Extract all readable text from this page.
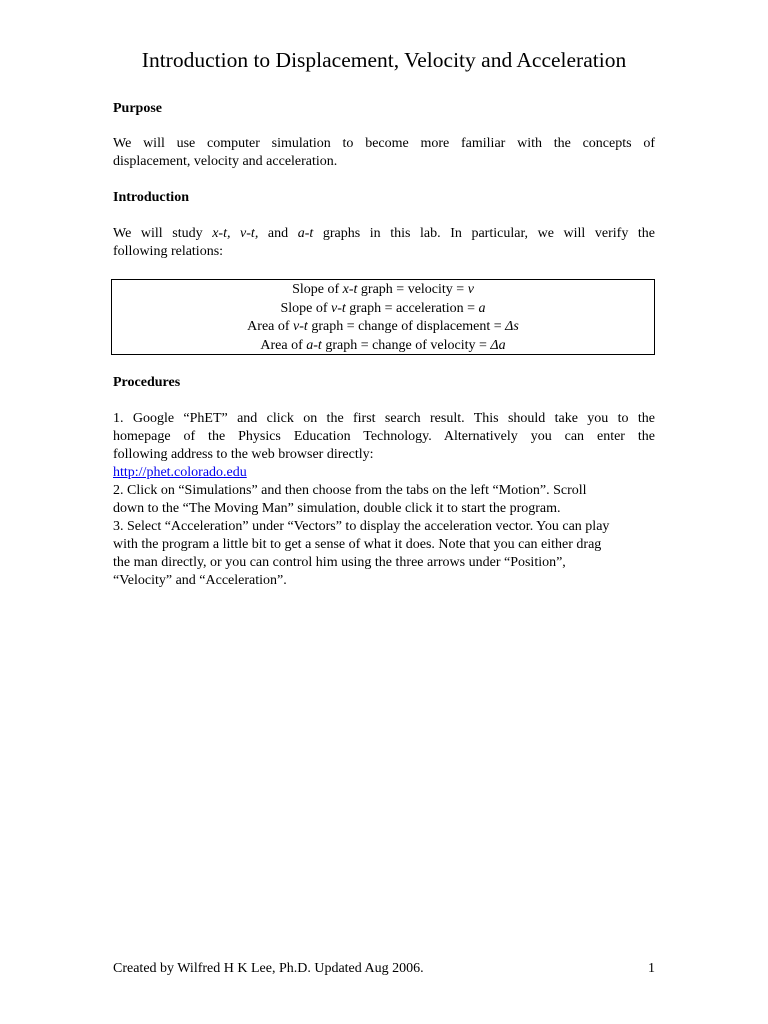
Introduction to Displacement, Velocity and Acceleration
Purpose
We will use computer simulation to become more familiar with the concepts of
displacement, velocity and acceleration.
Introduction
We will study x-t, v-t, and a-t graphs in this lab. In particular, we will verify the
following relations:
Slope of x-t graph = velocity = v
Slope of v-t graph = acceleration = a
Area of v-t graph = change of displacement = Δs
Area of a-t graph = change of velocity = Δa
Procedures
1. Google “PhET” and click on the first search result. This should take you to the
homepage of the Physics Education Technology. Alternatively you can enter the
following address to the web browser directly:
http://phet.colorado.edu
2. Click on “Simulations” and then choose from the tabs on the left “Motion”. Scroll
down to the “The Moving Man” simulation, double click it to start the program.
3. Select “Acceleration” under “Vectors” to display the acceleration vector. You can play
with the program a little bit to get a sense of what it does. Note that you can either drag
the man directly, or you can control him using the three arrows under “Position”,
“Velocity” and “Acceleration”.
Created by Wilfred H K Lee, Ph.D. Updated Aug 2006.	1
